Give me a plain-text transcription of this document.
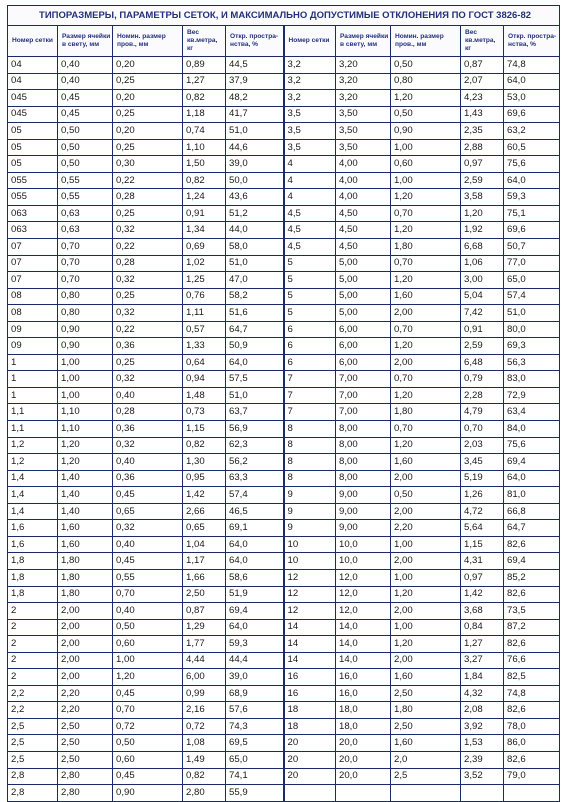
ТИПОРАЗМЕРЫ, ПАРАМЕТРЫ СЕТОК, И МАКСИМАЛЬНО ДОПУСТИМЫЕ ОТКЛОНЕНИЯ ПО ГОСТ 3826-82									
Номер сетки	Размер ячейки в свету, мм	Номин. размер пров., мм	Вес кв.метра, кг	Откр. простра-нства, %	Номер сетки	Размер ячейки в свету, мм	Номин. размер пров., мм	Вес кв.метра, кг	Откр. простра-нства, %
04	0,40	0,20	0,89	44,5	3,2	3,20	0,50	0,87	74,8
04	0,40	0,25	1,27	37,9	3,2	3,20	0,80	2,07	64,0
045	0,45	0,20	0,82	48,2	3,2	3,20	1,20	4,23	53,0
045	0,45	0,25	1,18	41,7	3,5	3,50	0,50	1,43	69,6
05	0,50	0,20	0,74	51,0	3,5	3,50	0,90	2,35	63,2
05	0,50	0,25	1,10	44,6	3,5	3,50	1,00	2,88	60,5
05	0,50	0,30	1,50	39,0	4	4,00	0,60	0,97	75,6
055	0,55	0,22	0,82	50,0	4	4,00	1,00	2,59	64,0
055	0,55	0,28	1,24	43,6	4	4,00	1,20	3,58	59,3
063	0,63	0,25	0,91	51,2	4,5	4,50	0,70	1,20	75,1
063	0,63	0,32	1,34	44,0	4,5	4,50	1,20	1,92	69,6
07	0,70	0,22	0,69	58,0	4,5	4,50	1,80	6,68	50,7
07	0,70	0,28	1,02	51,0	5	5,00	0,70	1,06	77,0
07	0,70	0,32	1,25	47,0	5	5,00	1,20	3,00	65,0
08	0,80	0,25	0,76	58,2	5	5,00	1,60	5,04	57,4
08	0,80	0,32	1,11	51,6	5	5,00	2,00	7,42	51,0
09	0,90	0,22	0,57	64,7	6	6,00	0,70	0,91	80,0
09	0,90	0,36	1,33	50,9	6	6,00	1,20	2,59	69,3
1	1,00	0,25	0,64	64,0	6	6,00	2,00	6,48	56,3
1	1,00	0,32	0,94	57,5	7	7,00	0,70	0,79	83,0
1	1,00	0,40	1,48	51,0	7	7,00	1,20	2,28	72,9
1,1	1,10	0,28	0,73	63,7	7	7,00	1,80	4,79	63,4
1,1	1,10	0,36	1,15	56,9	8	8,00	0,70	0,70	84,0
1,2	1,20	0,32	0,82	62,3	8	8,00	1,20	2,03	75,6
1,2	1,20	0,40	1,30	56,2	8	8,00	1,60	3,45	69,4
1,4	1,40	0,36	0,95	63,3	8	8,00	2,00	5,19	64,0
1,4	1,40	0,45	1,42	57,4	9	9,00	0,50	1,26	81,0
1,4	1,40	0,65	2,66	46,5	9	9,00	2,00	4,72	66,8
1,6	1,60	0,32	0,65	69,1	9	9,00	2,20	5,64	64,7
1,6	1,60	0,40	1,04	64,0	10	10,0	1,00	1,15	82,6
1,8	1,80	0,45	1,17	64,0	10	10,0	2,00	4,31	69,4
1,8	1,80	0,55	1,66	58,6	12	12,0	1,00	0,97	85,2
1,8	1,80	0,70	2,50	51,9	12	12,0	1,20	1,42	82,6
2	2,00	0,40	0,87	69,4	12	12,0	2,00	3,68	73,5
2	2,00	0,50	1,29	64,0	14	14,0	1,00	0,84	87,2
2	2,00	0,60	1,77	59,3	14	14,0	1,20	1,27	82,6
2	2,00	1,00	4,44	44,4	14	14,0	2,00	3,27	76,6
2	2,00	1,20	6,00	39,0	16	16,0	1,60	1,84	82,5
2,2	2,20	0,45	0,99	68,9	16	16,0	2,50	4,32	74,8
2,2	2,20	0,70	2,16	57,6	18	18,0	1,80	2,08	82,6
2,5	2,50	0,72	0,72	74,3	18	18,0	2,50	3,92	78,0
2,5	2,50	0,50	1,08	69,5	20	20,0	1,60	1,53	86,0
2,5	2,50	0,60	1,49	65,0	20	20,0	2,0	2,39	82,6
2,8	2,80	0,45	0,82	74,1	20	20,0	2,5	3,52	79,0
2,8	2,80	0,90	2,80	55,9					
